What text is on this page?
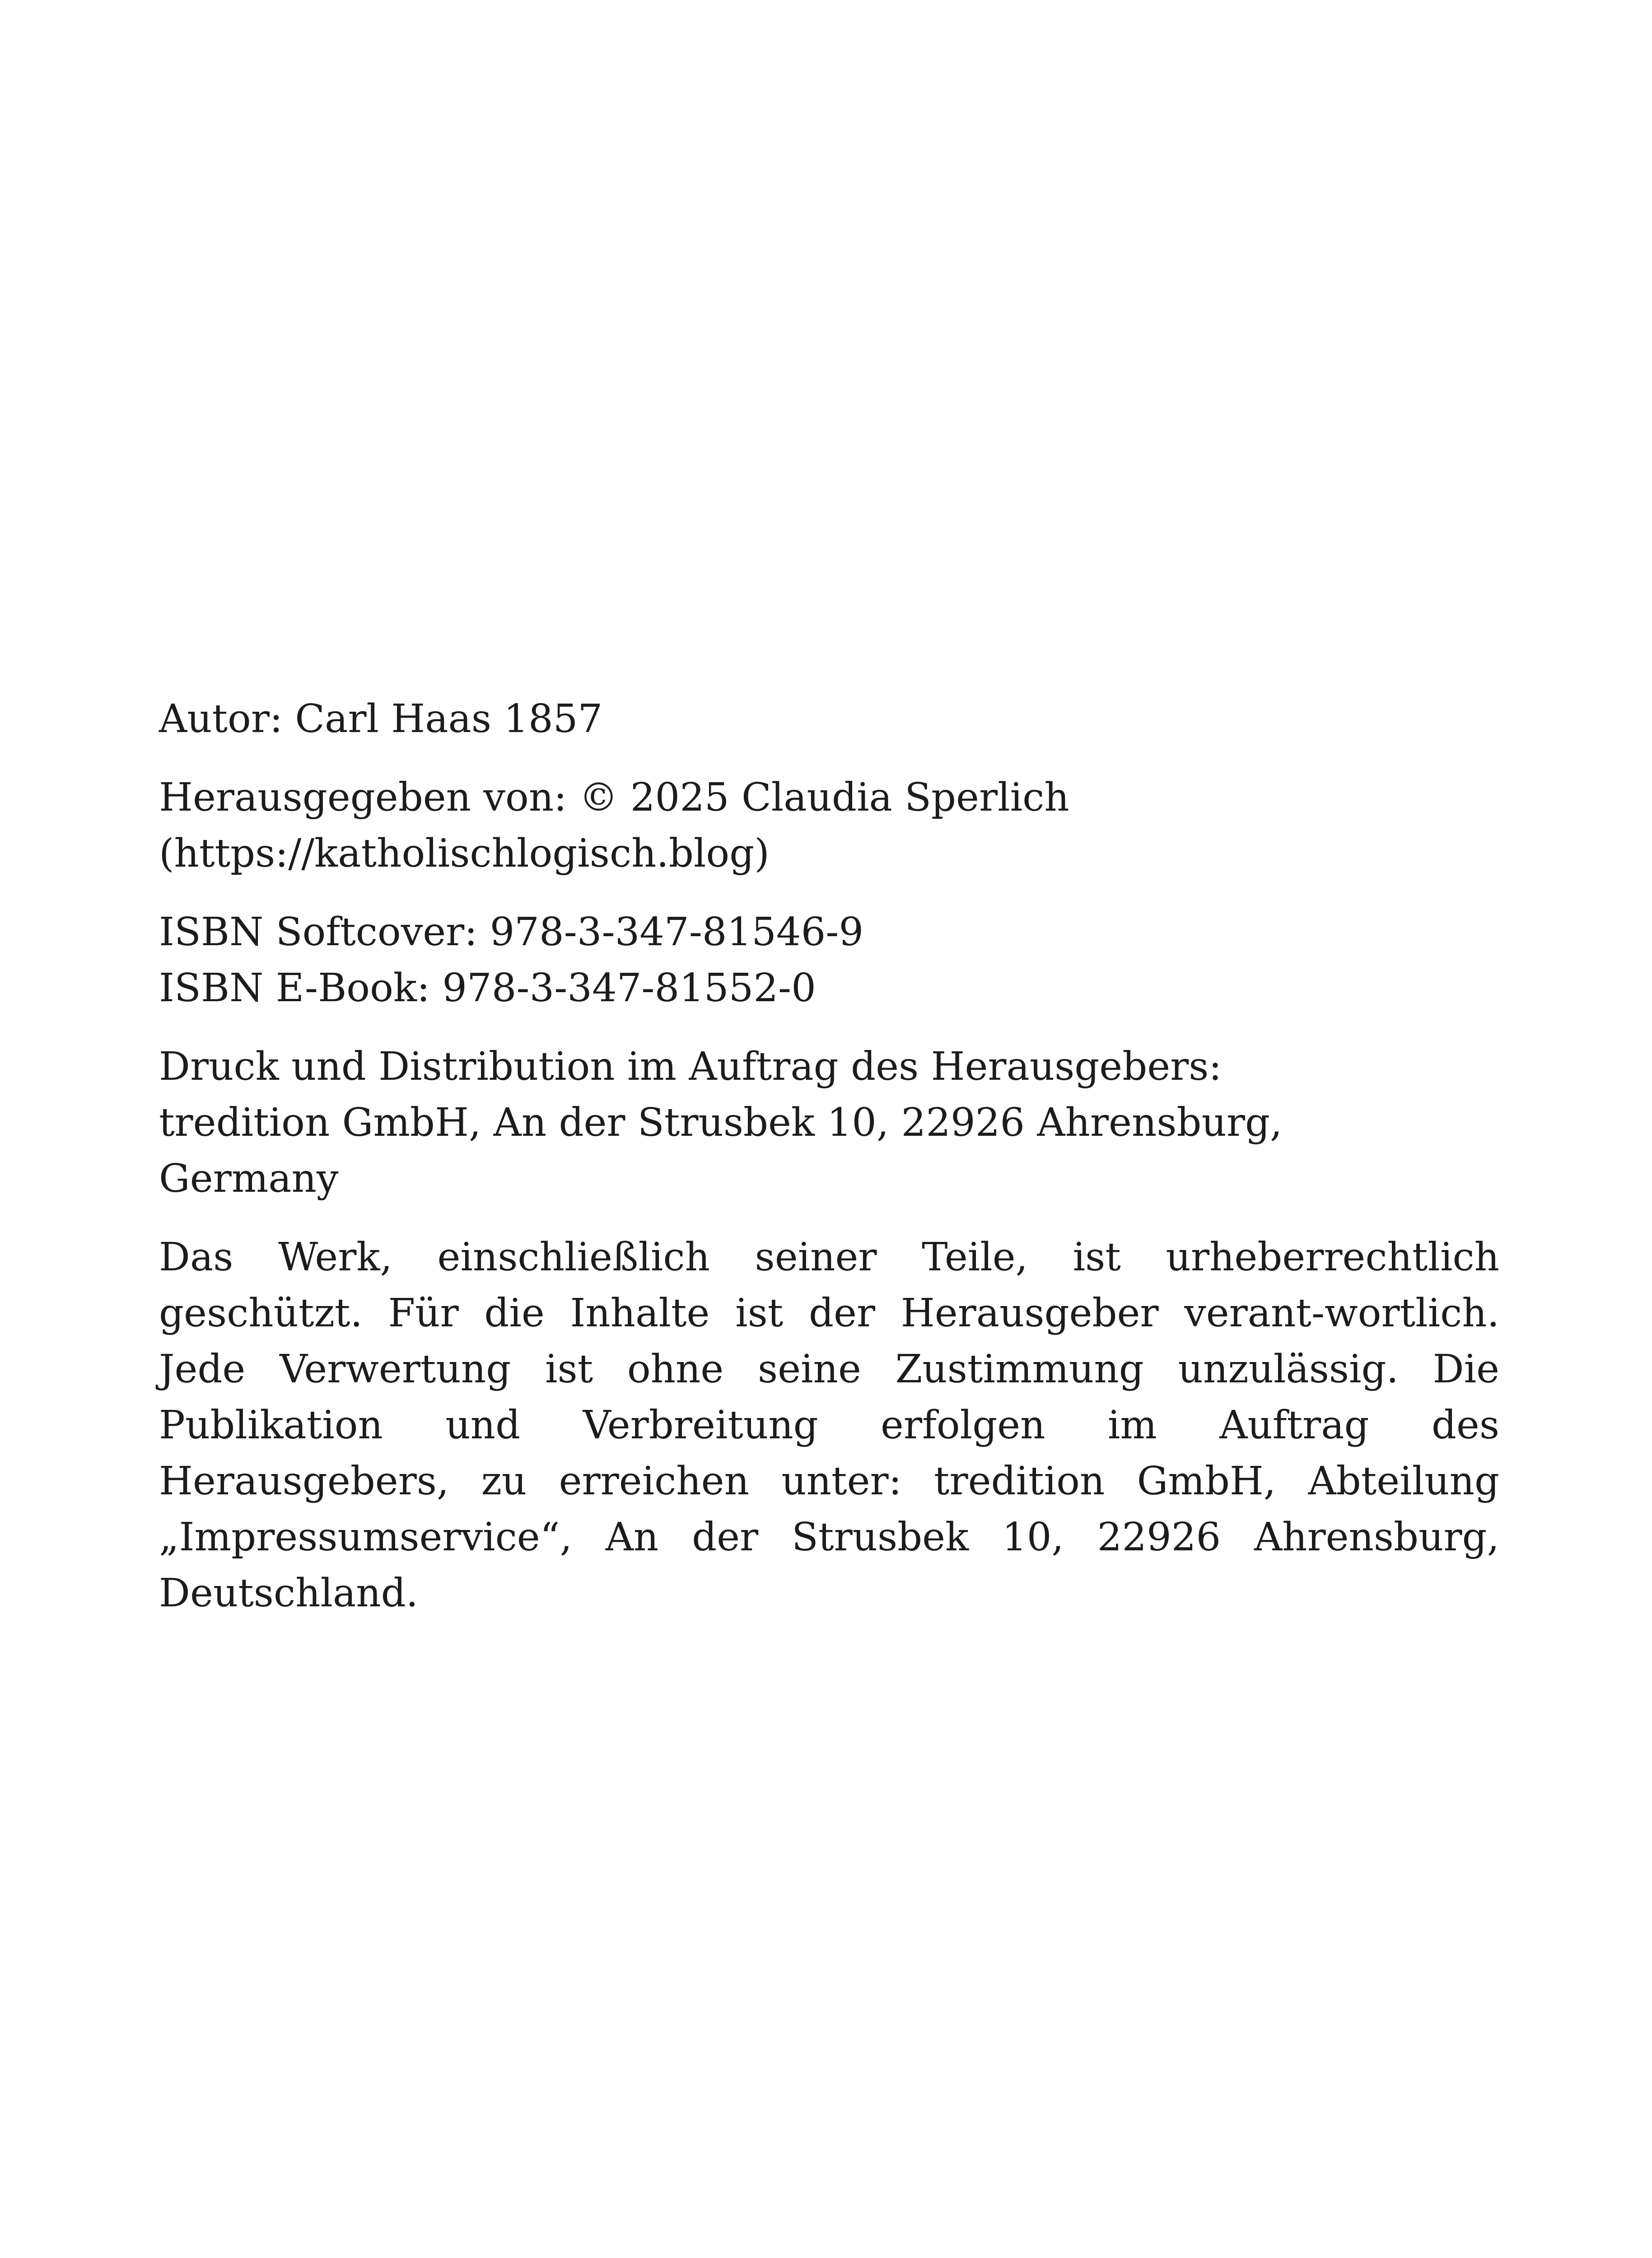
Autor: Carl Haas 1857

Herausgegeben von: © 2025 Claudia Sperlich
(https://katholischlogisch.blog)

ISBN Softcover: 978-3-347-81546-9
ISBN E-Book: 978-3-347-81552-0

Druck und Distribution im Auftrag des Herausgebers:
tredition GmbH, An der Strusbek 10, 22926 Ahrensburg,
Germany

Das Werk, einschließlich seiner Teile, ist urheberrechtlich geschützt. Für die Inhalte ist der Herausgeber verant-wortlich. Jede Verwertung ist ohne seine Zustimmung unzulässig. Die Publikation und Verbreitung erfolgen im Auftrag des Herausgebers, zu erreichen unter: tredition GmbH, Abteilung „Impressumservice“, An der Strusbek 10, 22926 Ahrensburg, Deutschland.
